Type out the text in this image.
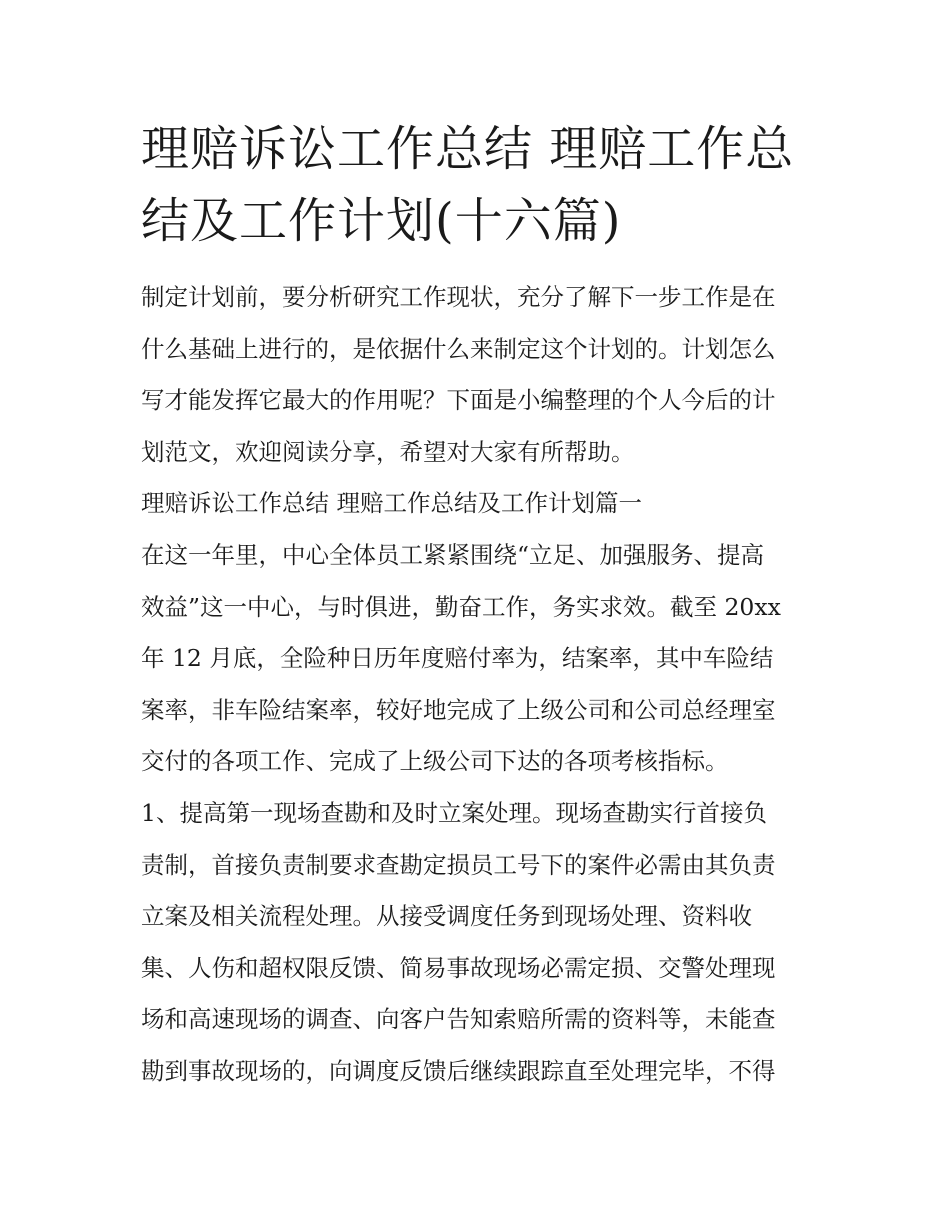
理赔诉讼工作总结 理赔工作总
结及工作计划(十六篇)
制定计划前，要分析研究工作现状，充分了解下一步工作是在
什么基础上进行的，是依据什么来制定这个计划的。计划怎么
写才能发挥它最大的作用呢？下面是小编整理的个人今后的计
划范文，欢迎阅读分享，希望对大家有所帮助。
理赔诉讼工作总结 理赔工作总结及工作计划篇一
在这一年里，中心全体员工紧紧围绕“立足、加强服务、提高
效益”这一中心，与时俱进，勤奋工作，务实求效。截至 20xx
年 12 月底，全险种日历年度赔付率为，结案率，其中车险结
案率，非车险结案率，较好地完成了上级公司和公司总经理室
交付的各项工作、完成了上级公司下达的各项考核指标。
1、提高第一现场查勘和及时立案处理。现场查勘实行首接负
责制，首接负责制要求查勘定损员工号下的案件必需由其负责
立案及相关流程处理。从接受调度任务到现场处理、资料收
集、人伤和超权限反馈、简易事故现场必需定损、交警处理现
场和高速现场的调查、向客户告知索赔所需的资料等，未能查
勘到事故现场的，向调度反馈后继续跟踪直至处理完毕，不得
